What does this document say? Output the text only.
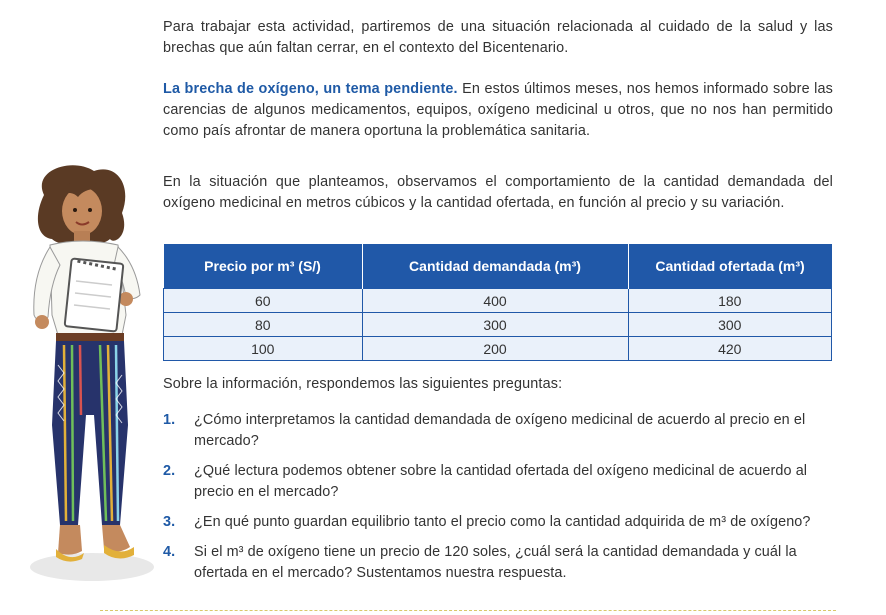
Para trabajar esta actividad, partiremos de una situación relacionada al cuidado de la salud y las brechas que aún faltan cerrar, en el contexto del Bicentenario.

La brecha de oxígeno, un tema pendiente. En estos últimos meses, nos hemos informado sobre las carencias de algunos medicamentos, equipos, oxígeno medicinal u otros, que no nos han permitido como país afrontar de manera oportuna la problemática sanitaria.

En la situación que planteamos, observamos el comportamiento de la cantidad demandada del oxígeno medicinal en metros cúbicos y la cantidad ofertada, en función al precio y su variación.

Precio por m³ (S/)	Cantidad demandada (m³)	Cantidad ofertada (m³)
60	400	180
80	300	300
100	200	420

Sobre la información, respondemos las siguientes preguntas:

1. ¿Cómo interpretamos la cantidad demandada de oxígeno medicinal de acuerdo al precio en el mercado?
2. ¿Qué lectura podemos obtener sobre la cantidad ofertada del oxígeno medicinal de acuerdo al precio en el mercado?
3. ¿En qué punto guardan equilibrio tanto el precio como la cantidad adquirida de m³ de oxígeno?
4. Si el m³ de oxígeno tiene un precio de 120 soles, ¿cuál será la cantidad demandada y cuál la ofertada en el mercado? Sustentamos nuestra respuesta.
